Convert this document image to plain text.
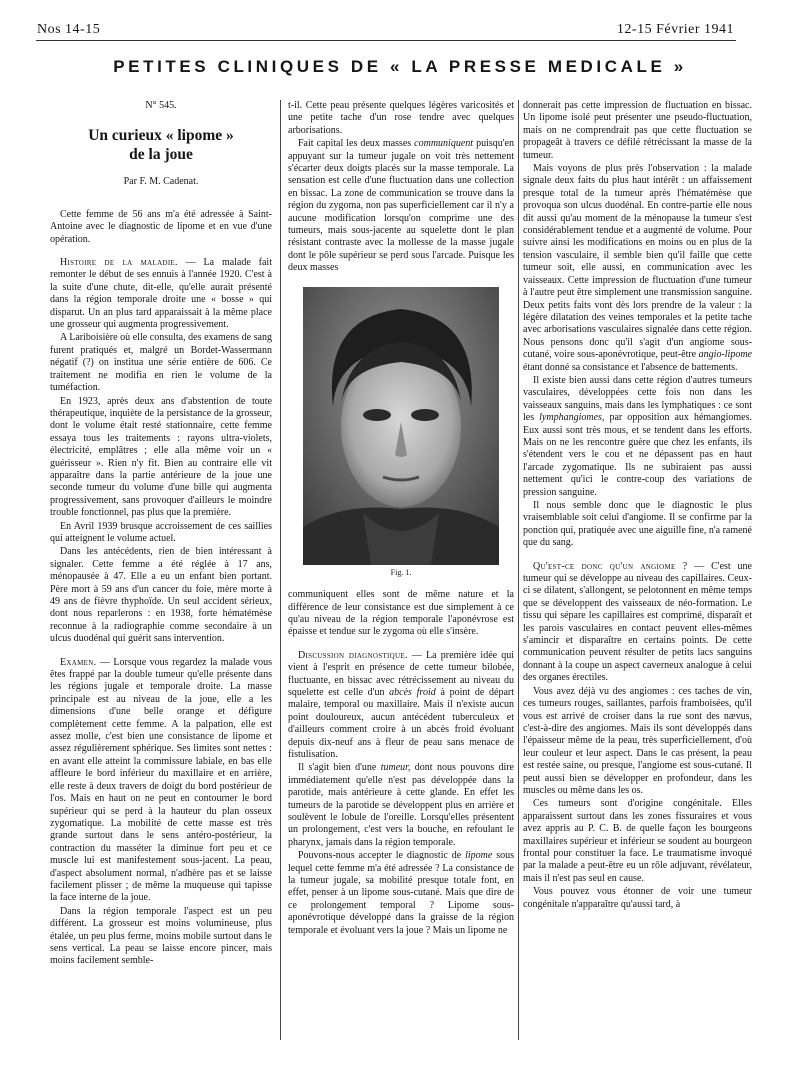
Nos 14-15	12-15 Février 1941
PETITES CLINIQUES DE « LA PRESSE MEDICALE »
N° 545.
Un curieux « lipome »
de la joue
Par F. M. Cadenat.

Cette femme de 56 ans m'a été adressée à Saint-Antoine avec le diagnostic de lipome et en vue d'une opération.

Histoire de la maladie. — La malade fait remonter le début de ses ennuis à l'année 1920. C'est à la suite d'une chute, dit-elle, qu'elle aurait présenté dans la région temporale droite une « bosse » qui disparut. Un an plus tard apparaissait à la même place une grosseur qui augmenta progressivement.

A Lariboisière où elle consulta, des examens de sang furent pratiqués et, malgré un Bordet-Wassermann négatif (?) on institua une série entière de 606. Ce traitement ne modifia en rien le volume de la tuméfaction.

En 1923, après deux ans d'abstention de toute thérapeutique, inquiète de la persistance de la grosseur, dont le volume était resté stationnaire, cette femme essaya tous les traitements : rayons ultra-violets, électricité, emplâtres ; elle alla même voir un « guérisseur ». Rien n'y fit. Bien au contraire elle vit apparaître dans la partie antérieure de la joue une seconde tumeur du volume d'une bille qui augmenta progressivement, sans provoquer d'ailleurs le moindre trouble fonctionnel, pas plus que la première.

En Avril 1939 brusque accroissement de ces saillies qui atteignent le volume actuel.

Dans les antécédents, rien de bien intéressant à signaler. Cette femme a été réglée à 17 ans, ménopausée à 47. Elle a eu un enfant bien portant. Père mort à 59 ans d'un cancer du foie, mère morte à 49 ans de fièvre thyphoïde. Un seul accident sérieux, dont nous reparlerons : en 1938, forte hématémèse reconnue à la radiographie comme secondaire à un ulcus duodénal qui guérit sans intervention.

Examen. — Lorsque vous regardez la malade vous êtes frappé par la double tumeur qu'elle présente dans les régions jugale et temporale droite. La masse principale est au niveau de la joue, elle a les dimensions d'une belle orange et défigure complètement cette femme. A la palpation, elle est assez molle, c'est bien une consistance de lipome et assez régulièrement sphérique. Ses limites sont nettes : en avant elle atteint la commissure labiale, en bas elle affleure le bord inférieur du maxillaire et en arrière, elle reste à deux travers de doigt du bord postérieur de l'os. Mais en haut on ne peut en contourner le bord supérieur qui se perd à la hauteur du plan osseux zygomatique. La mobilité de cette masse est très grande surtout dans le sens antéro-postérieur, la contraction du masséter la diminue fort peu et ce muscle lui est manifestement sous-jacent. La peau, d'aspect absolument normal, n'adhère pas et se laisse facilement plisser ; de même la muqueuse qui tapisse la face interne de la joue.

Dans la région temporale l'aspect est un peu différent. La grosseur est moins volumineuse, plus étalée, un peu plus ferme, moins mobile surtout dans le sens vertical. La peau se laisse encore pincer, mais moins facilement semble-

t-il. Cette peau présente quelques légères varicosités et une petite tache d'un rose tendre avec quelques arborisations.

Fait capital les deux masses communiquent puisqu'en appuyant sur la tumeur jugale on voit très nettement s'écarter deux doigts placés sur la masse temporale. La sensation est celle d'une fluctuation dans une collection en bissac. La zone de communication se trouve dans la région du zygoma, non pas superficiellement car il n'y a aucune modification lorsqu'on comprime une des tumeurs, mais sous-jacente au squelette dont le plan résistant contraste avec la mollesse de la masse jugale dont le pôle supérieur se perd sous l'arcade. Puisque les deux masses

Fig. 1.

communiquent elles sont de même nature et la différence de leur consistance est due simplement à ce qu'au niveau de la région temporale l'aponévrose est épaisse et tendue sur le zygoma où elle s'insère.

Discussion diagnostique. — La première idée qui vient à l'esprit en présence de cette tumeur bilobée, fluctuante, en bissac avec rétrécissement au niveau du squelette est celle d'un abcès froid à point de départ malaire, temporal ou maxillaire. Mais il n'existe aucun point douloureux, aucun antécédent tuberculeux et d'ailleurs comment croire à un abcès froid évoluant depuis dix-neuf ans à fleur de peau sans menace de fistulisation.

Il s'agit bien d'une tumeur, dont nous pouvons dire immédiatement qu'elle n'est pas développée dans la parotide, mais antérieure à cette glande. En effet les tumeurs de la parotide se développent plus en arrière et soulèvent le lobule de l'oreille. Lorsqu'elles présentent un prolongement, c'est vers la bouche, en refoulant le pharynx, jamais dans la région temporale.

Pouvons-nous accepter le diagnostic de lipome sous lequel cette femme m'a été adressée ? La consistance de la tumeur jugale, sa mobilité presque totale font, en effet, penser à un lipome sous-cutané. Mais que dire de ce prolongement temporal ? Lipome sous-aponévrotique développé dans la graisse de la région temporale et évoluant vers la joue ? Mais un lipome ne

donnerait pas cette impression de fluctuation en bissac. Un lipome isolé peut présenter une pseudo-fluctuation, mais on ne comprendrait pas que cette fluctuation se propageât à travers ce défilé rétrécissant la masse de la tumeur.

Mais voyons de plus près l'observation : la malade signale deux faits du plus haut intérêt : un affaissement presque total de la tumeur après l'hématémèse que provoqua son ulcus duodénal. En contre-partie elle nous dit aussi qu'au moment de la ménopause la tumeur s'est considérablement tendue et a augmenté de volume. Pour suivre ainsi les modifications en moins ou en plus de la tension vasculaire, il semble bien qu'il faille que cette tumeur soit, elle aussi, en communication avec les vaisseaux. Cette impression de fluctuation d'une tumeur à l'autre peut être simplement une transmission sanguine. Deux petits faits vont dès lors prendre de la valeur : la légère dilatation des veines temporales et la petite tache avec arborisations vasculaires signalée dans cette région. Nous pensons donc qu'il s'agit d'un angiome sous-cutané, voire sous-aponévrotique, peut-être angio-lipome étant donné sa consistance et l'absence de battements.

Il existe bien aussi dans cette région d'autres tumeurs vasculaires, développées cette fois non dans les vaisseaux sanguins, mais dans les lymphatiques : ce sont les lymphangiomes, par opposition aux hémangiomes. Eux aussi sont très mous, et se tendent dans les efforts. Mais on ne les rencontre guère que chez les enfants, ils s'étendent vers le cou et ne dépassent pas en haut l'arcade zygomatique. Ils ne subiraient pas aussi nettement qu'ici le contre-coup des variations de pression sanguine.

Il nous semble donc que le diagnostic le plus vraisemblable soit celui d'angiome. Il se confirme par la ponction qui, pratiquée avec une aiguille fine, n'a ramené que du sang.

Qu'est-ce donc qu'un angiome ? — C'est une tumeur qui se développe au niveau des capillaires. Ceux-ci se dilatent, s'allongent, se pelotonnent en même temps que se développent des vaisseaux de néo-formation. Le tissu qui sépare les capillaires est comprimé, disparaît et les parois vasculaires en contact peuvent elles-mêmes s'amincir et disparaître en certains points. De cette communication peuvent résulter de petits lacs sanguins donnant à la coupe un aspect caverneux analogue à celui des organes érectiles.

Vous avez déjà vu des angiomes : ces taches de vin, ces tumeurs rouges, saillantes, parfois framboisées, qu'il vous est arrivé de croiser dans la rue sont des nævus, c'est-à-dire des angiomes. Mais ils sont développés dans l'épaisseur même de la peau, très superficiellement, d'où leur couleur et leur aspect. Dans le cas présent, la peau est restée saine, ou presque, l'angiome est sous-cutané. Il peut aussi bien se développer en profondeur, dans les muscles ou même dans les os.

Ces tumeurs sont d'origine congénitale. Elles apparaissent surtout dans les zones fissuraires et vous avez appris au P. C. B. de quelle façon les bourgeons maxillaires supérieur et inférieur se soudent au bourgeon frontal pour constituer la face. Le traumatisme invoqué par la malade a peut-être eu un rôle adjuvant, révélateur, mais il n'est pas seul en cause.

Vous pouvez vous étonner de voir une tumeur congénitale n'apparaître qu'aussi tard, à
